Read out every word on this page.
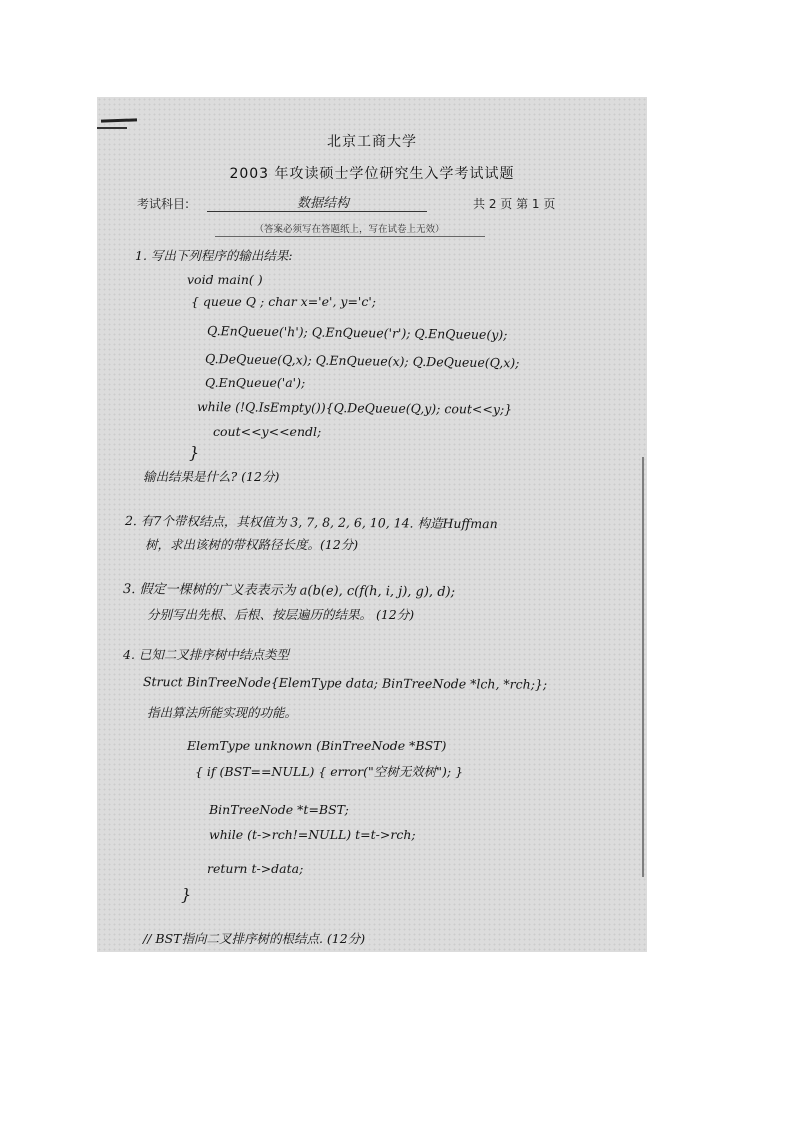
北京工商大学
2003 年攻读硕士学位研究生入学考试试题
考试科目:	数据结构	共 2 页 第 1 页
（答案必须写在答题纸上，写在试卷上无效）
1. 写出下列程序的输出结果:
void main( )
{ queue Q ; char x='e', y='c';
Q.EnQueue('h'); Q.EnQueue('r'); Q.EnQueue(y);
Q.DeQueue(Q,x); Q.EnQueue(x); Q.DeQueue(Q,x);
Q.EnQueue('a');
while (!Q.IsEmpty()){Q.DeQueue(Q,y); cout<<y;}
cout<<y<<endl;
}
输出结果是什么? (12分)
2. 有7个带权结点，其权值为 3, 7, 8, 2, 6, 10, 14. 构造Huffman
树，求出该树的带权路径长度。(12分)
3. 假定一棵树的广义表表示为 a(b(e), c(f(h, i, j), g), d);
分别写出先根、后根、按层遍历的结果。 (12分)
4. 已知二叉排序树中结点类型
Struct BinTreeNode{ElemType data; BinTreeNode *lch, *rch;};
指出算法所能实现的功能。
ElemType unknown (BinTreeNode *BST)
{ if (BST==NULL) { error("空树无效树"); }
BinTreeNode *t=BST;
while (t->rch!=NULL) t=t->rch;
return t->data;
}
// BST指向二叉排序树的根结点. (12分)
